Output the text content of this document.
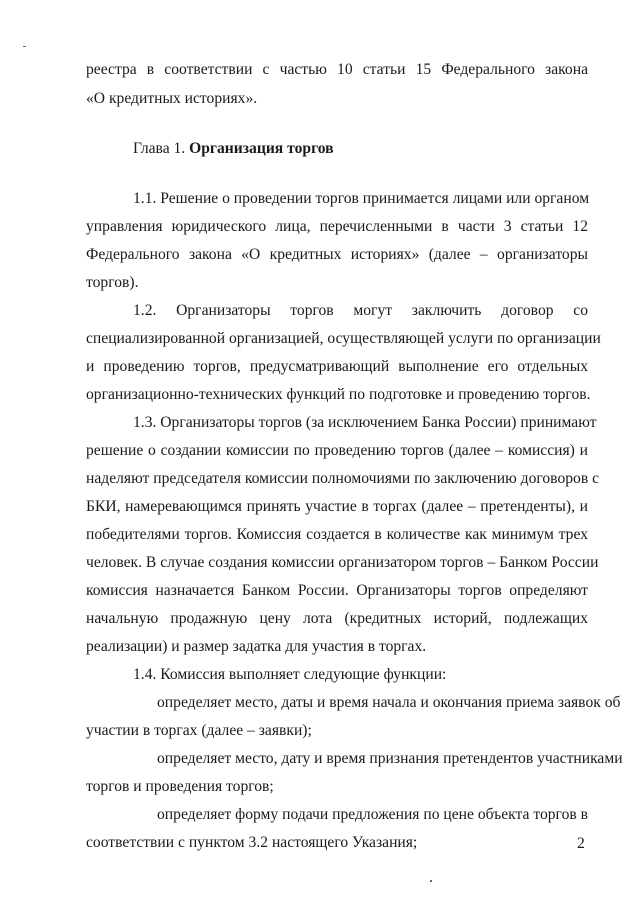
реестра в соответствии с частью 10 статьи 15 Федерального закона
«О кредитных историях».
Глава 1. Организация торгов
1.1. Решение о проведении торгов принимается лицами или органом
управления юридического лица, перечисленными в части 3 статьи 12
Федерального закона «О кредитных историях» (далее – организаторы
торгов).
1.2. Организаторы торгов могут заключить договор со
специализированной организацией, осуществляющей услуги по организации
и проведению торгов, предусматривающий выполнение его отдельных
организационно-технических функций по подготовке и проведению торгов.
1.3. Организаторы торгов (за исключением Банка России) принимают
решение о создании комиссии по проведению торгов (далее – комиссия) и
наделяют председателя комиссии полномочиями по заключению договоров с
БКИ, намеревающимся принять участие в торгах (далее – претенденты), и
победителями торгов. Комиссия создается в количестве как минимум трех
человек. В случае создания комиссии организатором торгов – Банком России
комиссия назначается Банком России. Организаторы торгов определяют
начальную продажную цену лота (кредитных историй, подлежащих
реализации) и размер задатка для участия в торгах.
1.4. Комиссия выполняет следующие функции:
определяет место, даты и время начала и окончания приема заявок об
участии в торгах (далее – заявки);
определяет место, дату и время признания претендентов участниками
торгов и проведения торгов;
определяет форму подачи предложения по цене объекта торгов в
соответствии с пунктом 3.2 настоящего Указания;	2
